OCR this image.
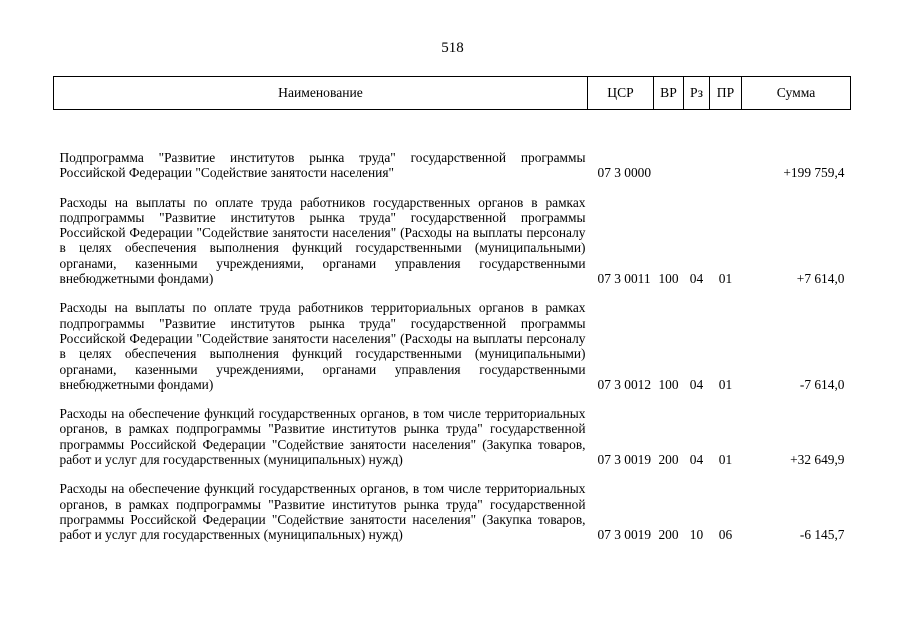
518
Наименование	ЦСР	ВР	Рз	ПР	Сумма
Подпрограмма "Развитие институтов рынка труда" государственной программы Российской Федерации "Содействие занятости населения"	07 3 0000				+199 759,4

Расходы на выплаты по оплате труда работников государственных органов в рамках подпрограммы "Развитие институтов рынка труда" государственной программы Российской Федерации "Содействие занятости населения" (Расходы на выплаты персоналу в целях обеспечения выполнения функций государственными (муниципальными) органами, казенными учреждениями, органами управления государственными внебюджетными фондами)	07 3 0011	100	04	01	+7 614,0

Расходы на выплаты по оплате труда работников территориальных органов в рамках подпрограммы "Развитие институтов рынка труда" государственной программы Российской Федерации "Содействие занятости населения" (Расходы на выплаты персоналу в целях обеспечения выполнения функций государственными (муниципальными) органами, казенными учреждениями, органами управления государственными внебюджетными фондами)	07 3 0012	100	04	01	-7 614,0

Расходы на обеспечение функций государственных органов, в том числе территориальных органов, в рамках подпрограммы "Развитие институтов рынка труда" государственной программы Российской Федерации "Содействие занятости населения" (Закупка товаров, работ и услуг для государственных (муниципальных) нужд)	07 3 0019	200	04	01	+32 649,9

Расходы на обеспечение функций государственных органов, в том числе территориальных органов, в рамках подпрограммы "Развитие институтов рынка труда" государственной программы Российской Федерации "Содействие занятости населения" (Закупка товаров, работ и услуг для государственных (муниципальных) нужд)	07 3 0019	200	10	06	-6 145,7
